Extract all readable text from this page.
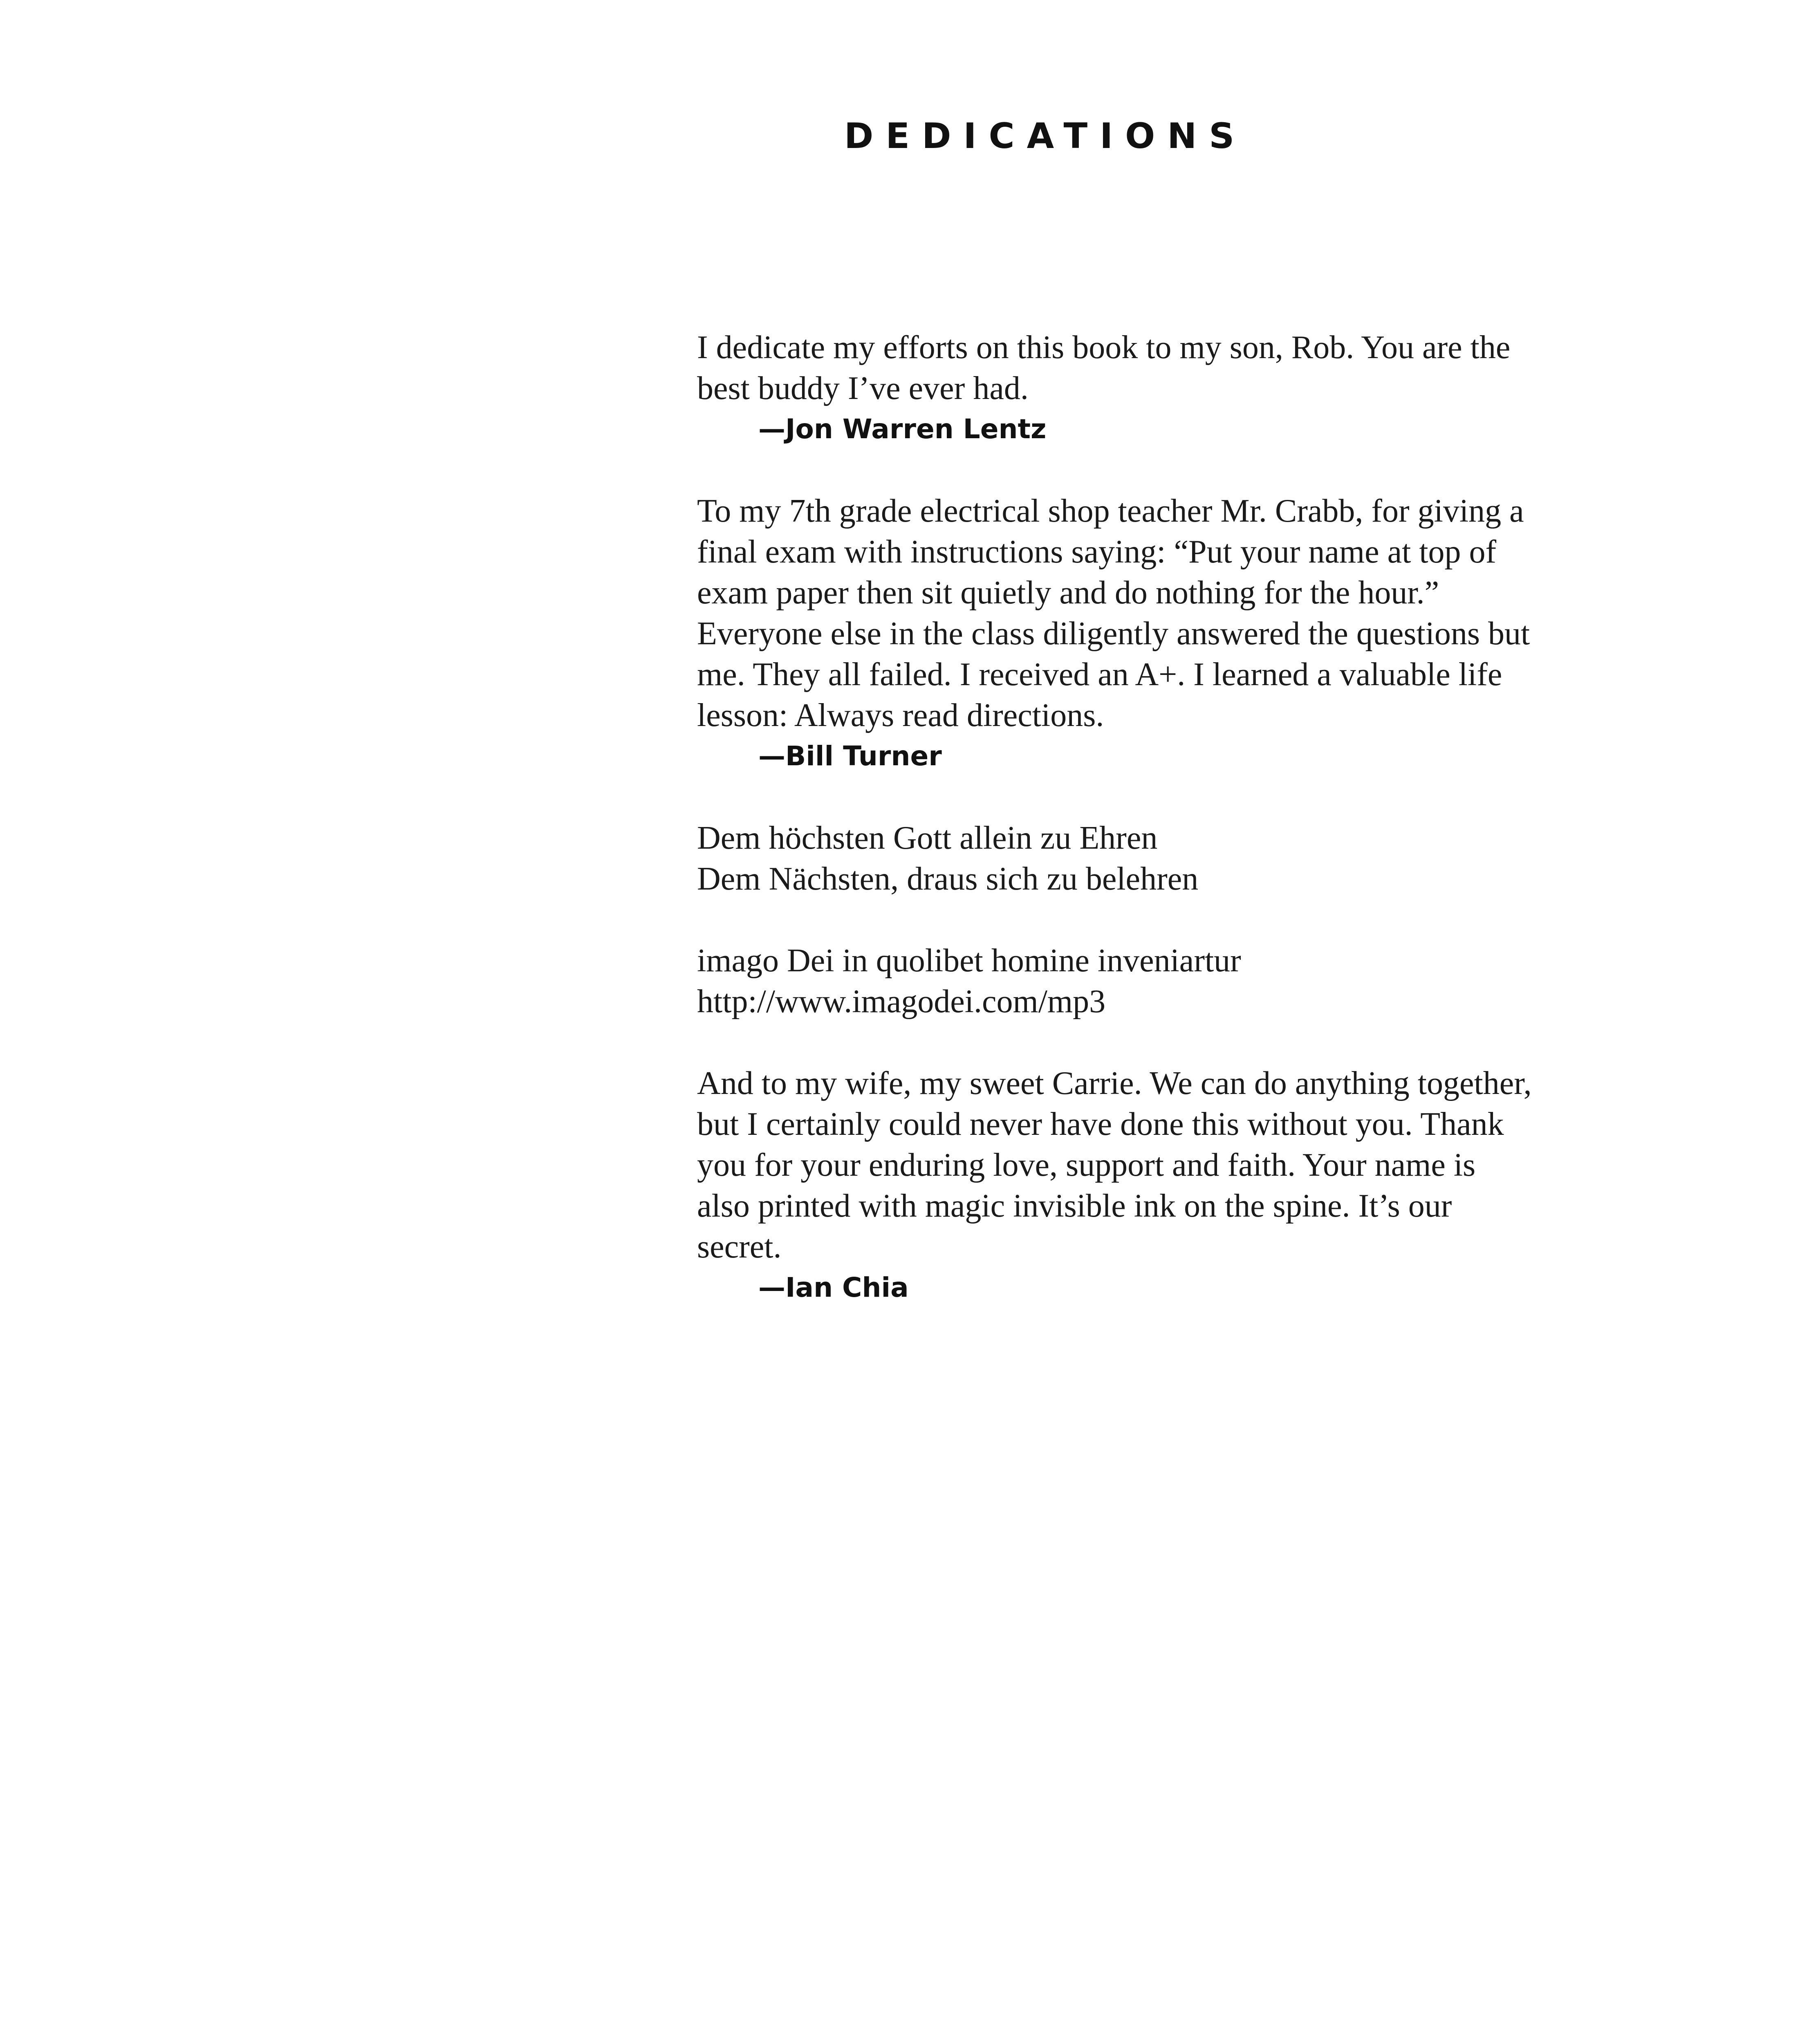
DEDICATIONS

I dedicate my efforts on this book to my son, Rob. You are the
best buddy I’ve ever had.

—Jon Warren Lentz

To my 7th grade electrical shop teacher Mr. Crabb, for giving a
final exam with instructions saying: “Put your name at top of
exam paper then sit quietly and do nothing for the hour.”
Everyone else in the class diligently answered the questions but
me. They all failed. I received an A+. I learned a valuable life
lesson: Always read directions.

—Bill Turner

Dem höchsten Gott allein zu Ehren
Dem Nächsten, draus sich zu belehren

imago Dei in quolibet homine inveniartur
http://www.imagodei.com/mp3

And to my wife, my sweet Carrie. We can do anything together,
but I certainly could never have done this without you. Thank
you for your enduring love, support and faith. Your name is
also printed with magic invisible ink on the spine. It’s our
secret.

—Ian Chia
